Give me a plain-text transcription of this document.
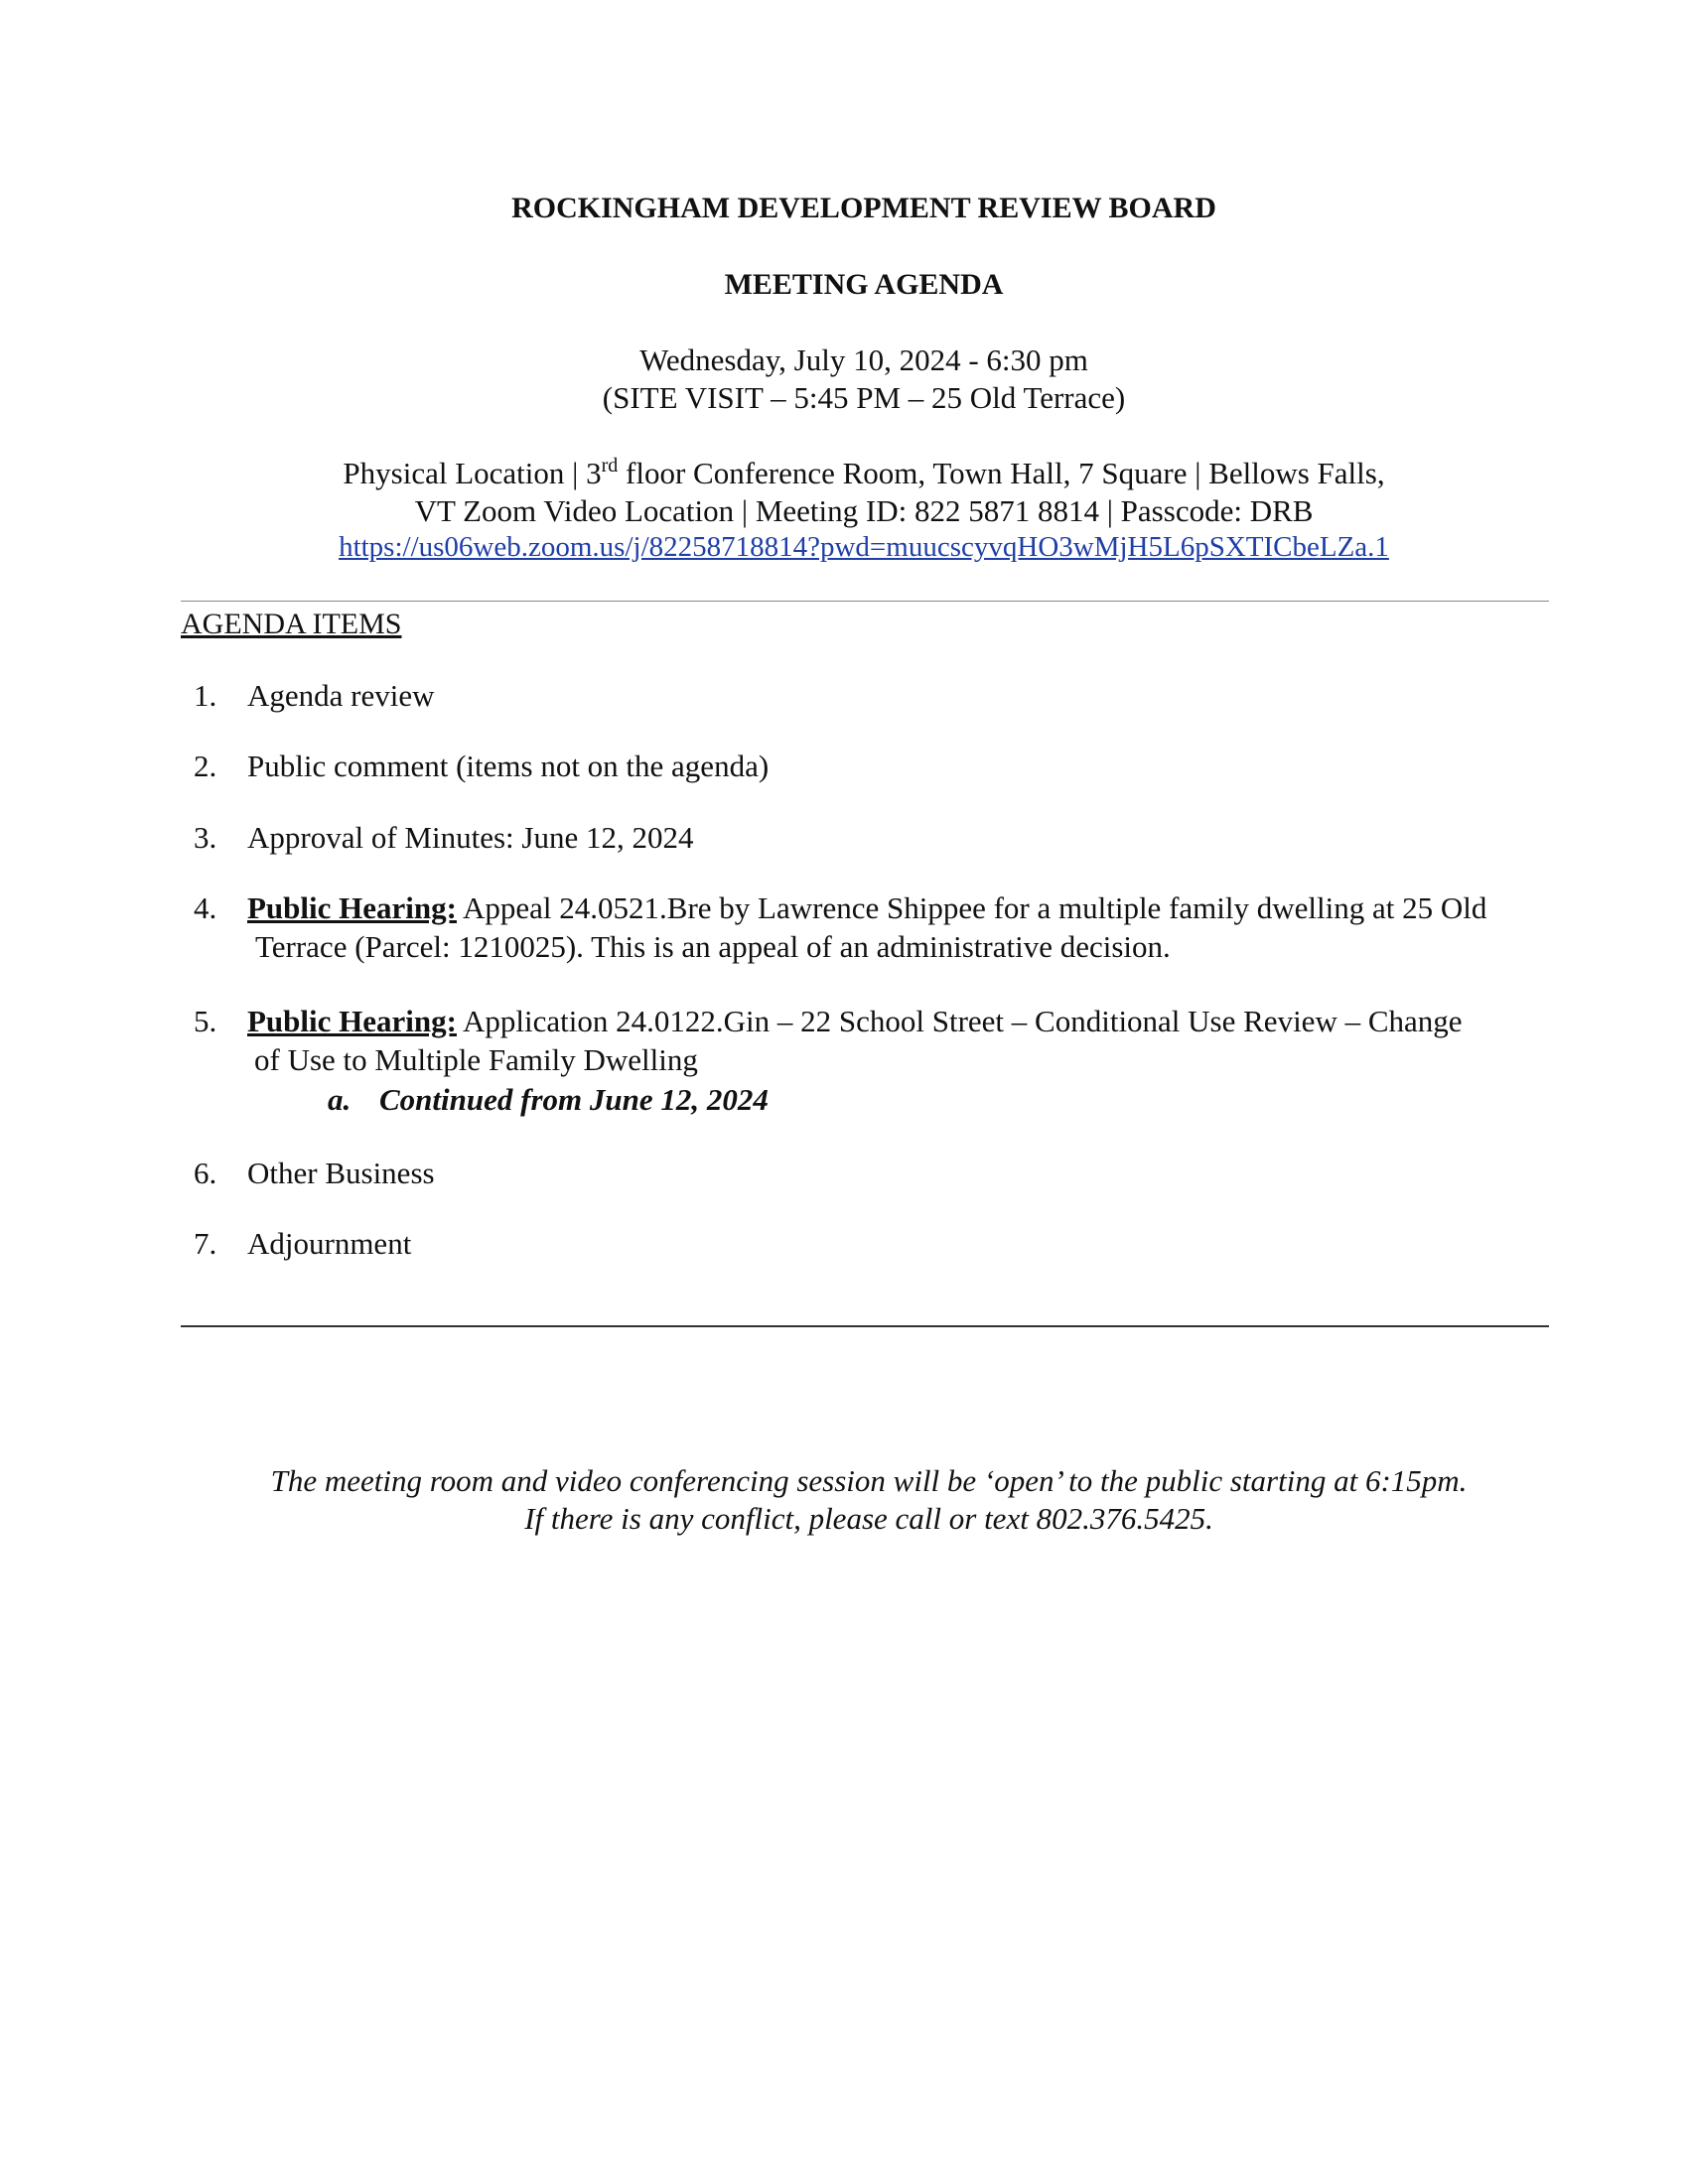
ROCKINGHAM DEVELOPMENT REVIEW BOARD
MEETING AGENDA
Wednesday, July 10, 2024 - 6:30 pm
(SITE VISIT – 5:45 PM – 25 Old Terrace)
Physical Location | 3rd floor Conference Room, Town Hall, 7 Square | Bellows Falls,
VT Zoom Video Location | Meeting ID: 822 5871 8814 | Passcode: DRB
https://us06web.zoom.us/j/82258718814?pwd=muucscyvqHO3wMjH5L6pSXTICbeLZa.1
AGENDA ITEMS
1. Agenda review
2. Public comment (items not on the agenda)
3. Approval of Minutes: June 12, 2024
4. Public Hearing: Appeal 24.0521.Bre by Lawrence Shippee for a multiple family dwelling at 25 Old
Terrace (Parcel: 1210025). This is an appeal of an administrative decision.
5. Public Hearing: Application 24.0122.Gin – 22 School Street – Conditional Use Review – Change
of Use to Multiple Family Dwelling
a. Continued from June 12, 2024
6. Other Business
7. Adjournment
The meeting room and video conferencing session will be ‘open’ to the public starting at 6:15pm.
If there is any conflict, please call or text 802.376.5425.
